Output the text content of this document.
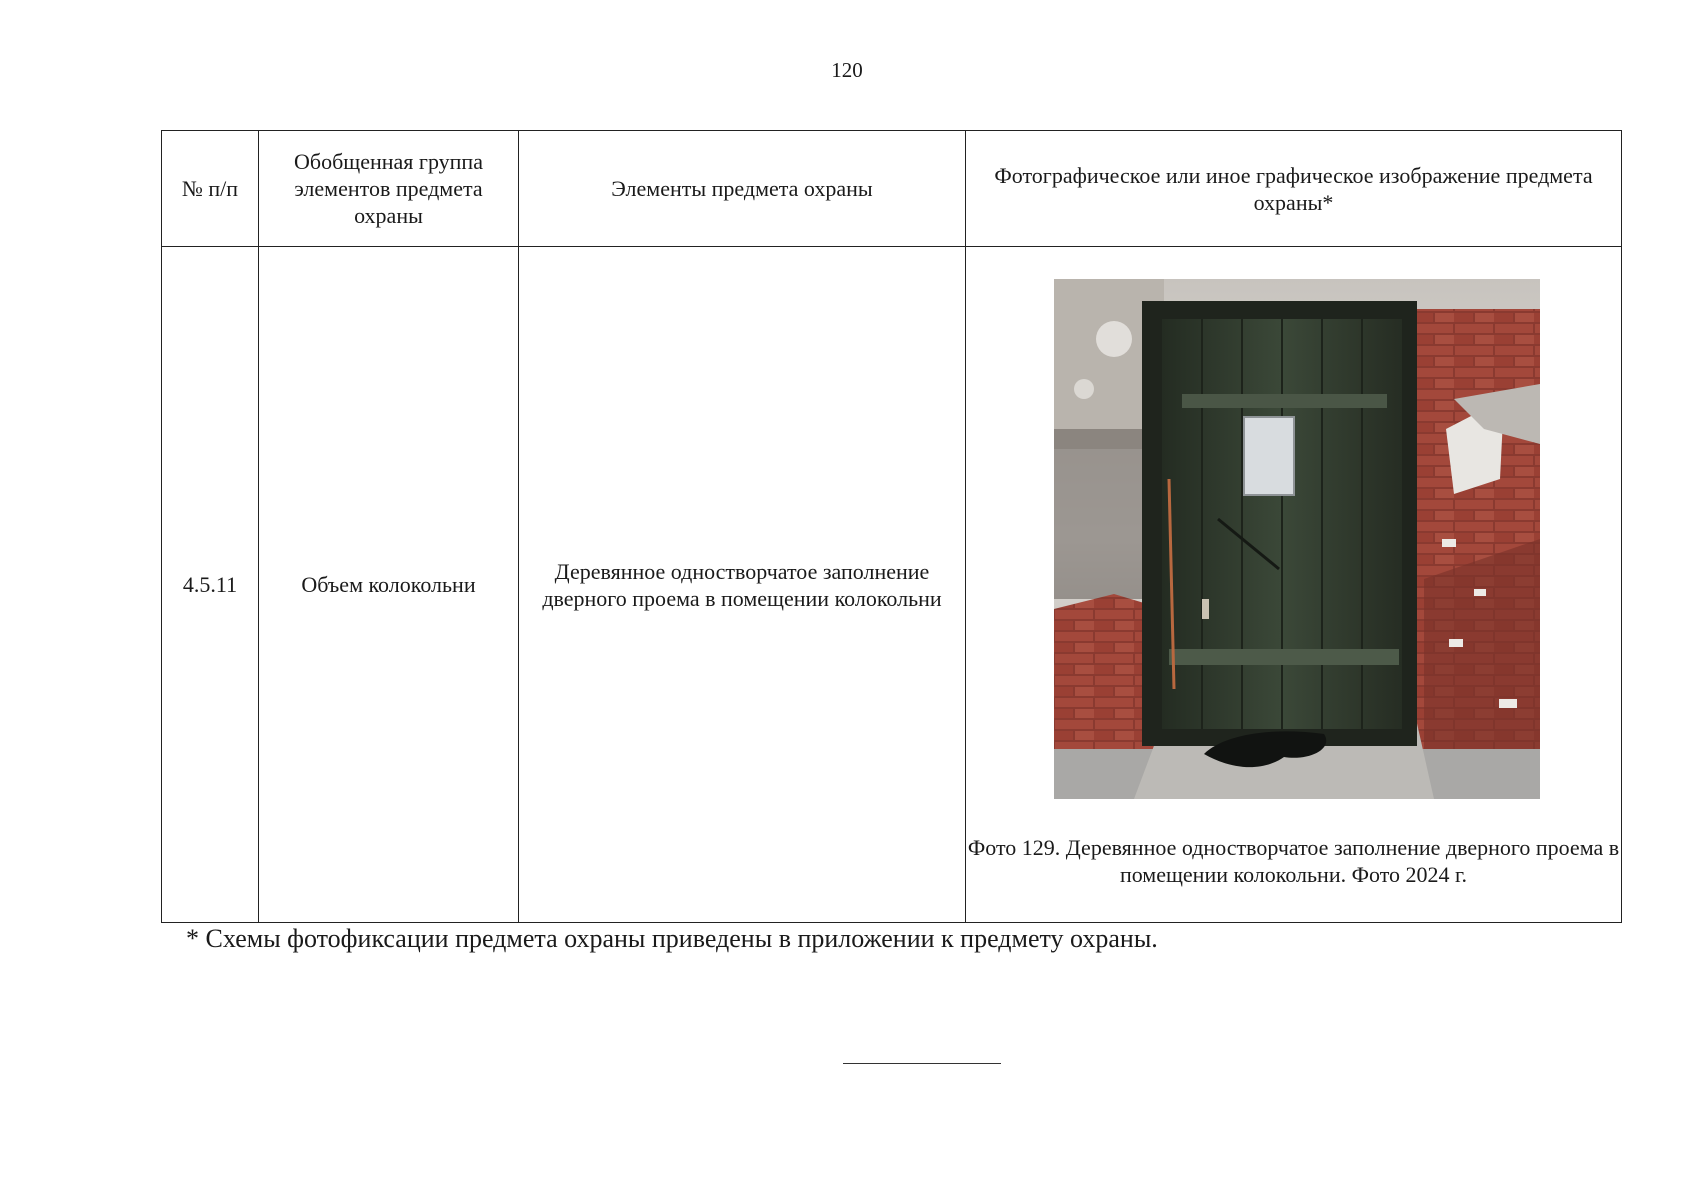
120
№ п/п	Обобщенная группа элементов предмета охраны	Элементы предмета охраны	Фотографическое или иное графическое изображение предмета охраны*
4.5.11	Объем колокольни	Деревянное одностворчатое заполнение дверного проема в помещении колокольни	Фото 129. Деревянное одностворчатое заполнение дверного проема в помещении колокольни. Фото 2024 г.
* Схемы фотофиксации предмета охраны приведены в приложении к предмету охраны.
